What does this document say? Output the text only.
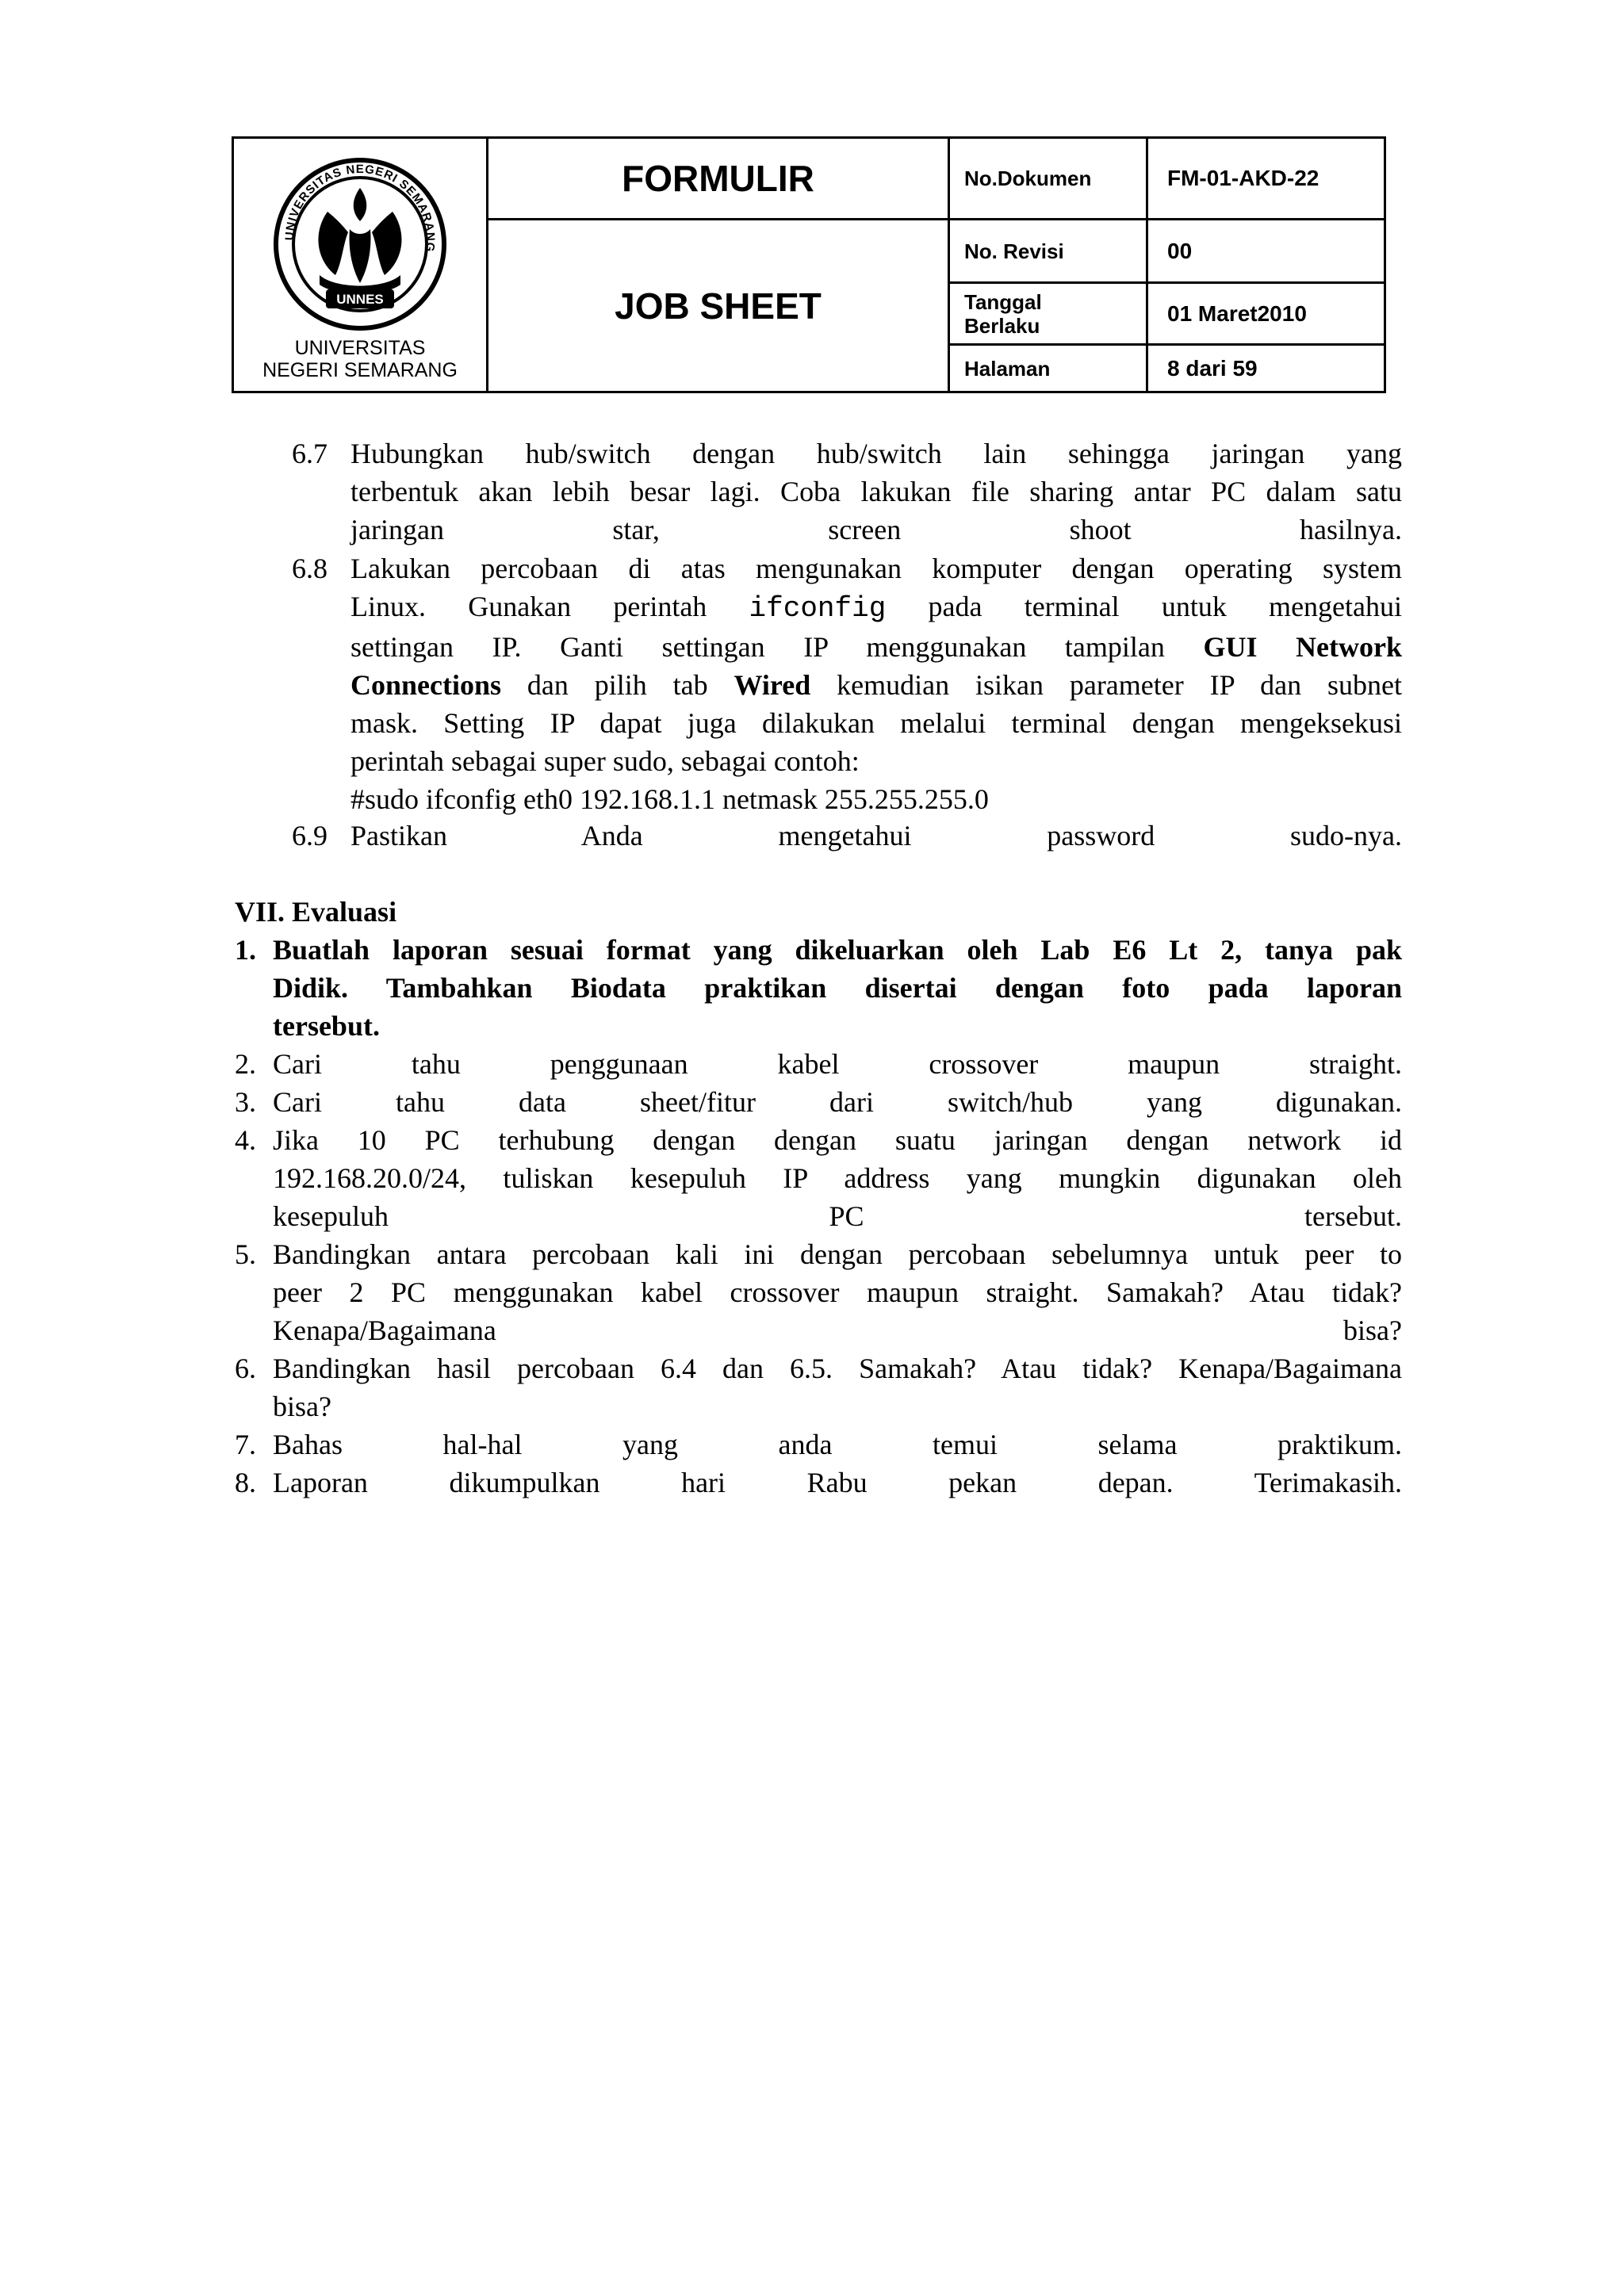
UNIVERSITAS NEGERI SEMARANG
UNNES
UNIVERSITAS
NEGERI SEMARANG
FORMULIR
JOB SHEET
No.Dokumen
No. Revisi
Tanggal
Berlaku
Halaman
FM-01-AKD-22
00
01 Maret2010
8 dari 59
6.7 Hubungkan hub/switch dengan hub/switch lain sehingga jaringan yang
terbentuk akan lebih besar lagi. Coba lakukan file sharing antar PC dalam satu
jaringan star, screen shoot hasilnya.
6.8 Lakukan percobaan di atas mengunakan komputer dengan operating system
Linux. Gunakan perintah ifconfig pada terminal untuk mengetahui
settingan IP. Ganti settingan IP menggunakan tampilan GUI Network
Connections dan pilih tab Wired kemudian isikan parameter IP dan subnet
mask. Setting IP dapat juga dilakukan melalui terminal dengan mengeksekusi
perintah sebagai super sudo, sebagai contoh:
#sudo ifconfig eth0 192.168.1.1 netmask 255.255.255.0
6.9 Pastikan Anda mengetahui password sudo-nya.
VII. Evaluasi
1. Buatlah laporan sesuai format yang dikeluarkan oleh Lab E6 Lt 2, tanya pak
Didik. Tambahkan Biodata praktikan disertai dengan foto pada laporan
tersebut.
2. Cari tahu penggunaan kabel crossover maupun straight.
3. Cari tahu data sheet/fitur dari switch/hub yang digunakan.
4. Jika 10 PC terhubung dengan dengan suatu jaringan dengan network id
192.168.20.0/24, tuliskan kesepuluh IP address yang mungkin digunakan oleh
kesepuluh PC tersebut.
5. Bandingkan antara percobaan kali ini dengan percobaan sebelumnya untuk peer to
peer 2 PC menggunakan kabel crossover maupun straight. Samakah? Atau tidak?
Kenapa/Bagaimana bisa?
6. Bandingkan hasil percobaan 6.4 dan 6.5. Samakah? Atau tidak? Kenapa/Bagaimana
bisa?
7. Bahas hal-hal yang anda temui selama praktikum.
8. Laporan dikumpulkan hari Rabu pekan depan. Terimakasih.
